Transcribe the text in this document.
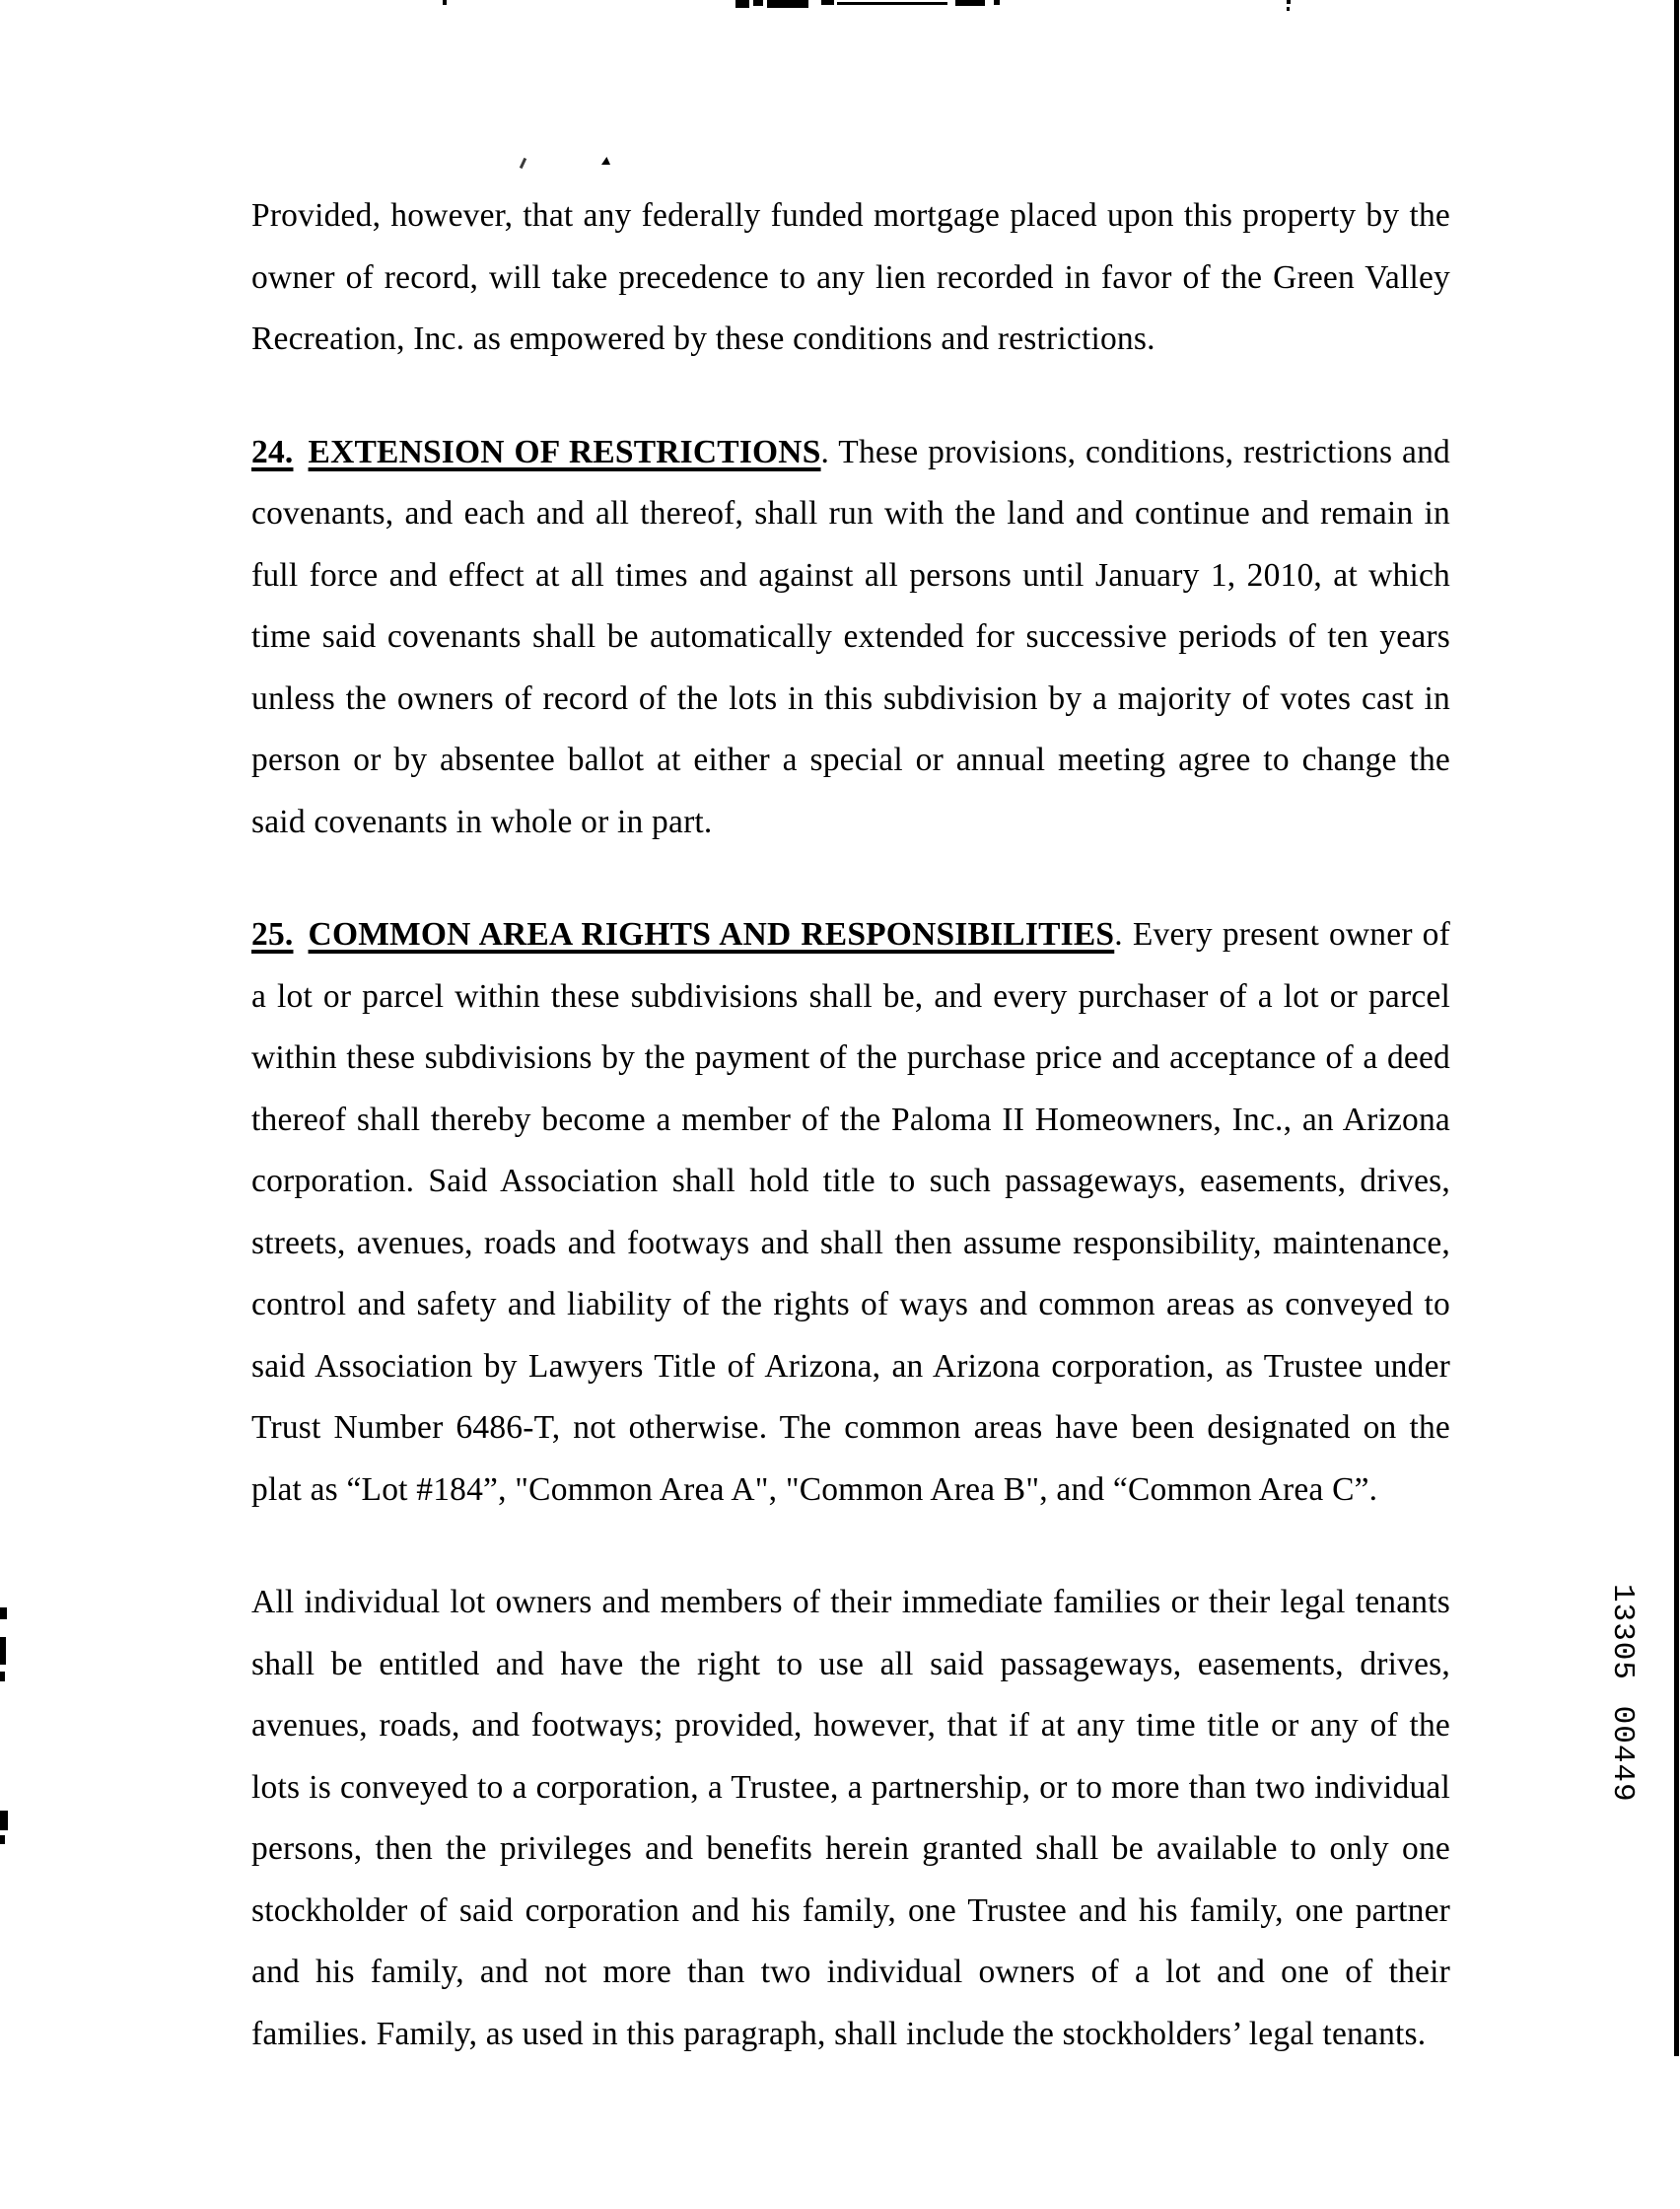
Provided, however, that any federally funded mortgage placed upon this property by the owner of record, will take precedence to any lien recorded in favor of the Green Valley Recreation, Inc. as empowered by these conditions and restrictions.

24. EXTENSION OF RESTRICTIONS. These provisions, conditions, restrictions and covenants, and each and all thereof, shall run with the land and continue and remain in full force and effect at all times and against all persons until January 1, 2010, at which time said covenants shall be automatically extended for successive periods of ten years unless the owners of record of the lots in this subdivision by a majority of votes cast in person or by absentee ballot at either a special or annual meeting agree to change the said covenants in whole or in part.

25. COMMON AREA RIGHTS AND RESPONSIBILITIES. Every present owner of a lot or parcel within these subdivisions shall be, and every purchaser of a lot or parcel within these subdivisions by the payment of the purchase price and acceptance of a deed thereof shall thereby become a member of the Paloma II Homeowners, Inc., an Arizona corporation. Said Association shall hold title to such passageways, easements, drives, streets, avenues, roads and footways and shall then assume responsibility, maintenance, control and safety and liability of the rights of ways and common areas as conveyed to said Association by Lawyers Title of Arizona, an Arizona corporation, as Trustee under Trust Number 6486-T, not otherwise. The common areas have been designated on the plat as “Lot #184”, "Common Area A", "Common Area B", and “Common Area C”.

All individual lot owners and members of their immediate families or their legal tenants shall be entitled and have the right to use all said passageways, easements, drives, avenues, roads, and footways; provided, however, that if at any time title or any of the lots is conveyed to a corporation, a Trustee, a partnership, or to more than two individual persons, then the privileges and benefits herein granted shall be available to only one stockholder of said corporation and his family, one Trustee and his family, one partner and his family, and not more than two individual owners of a lot and one of their families. Family, as used in this paragraph, shall include the stockholders’ legal tenants.

13305 00449
